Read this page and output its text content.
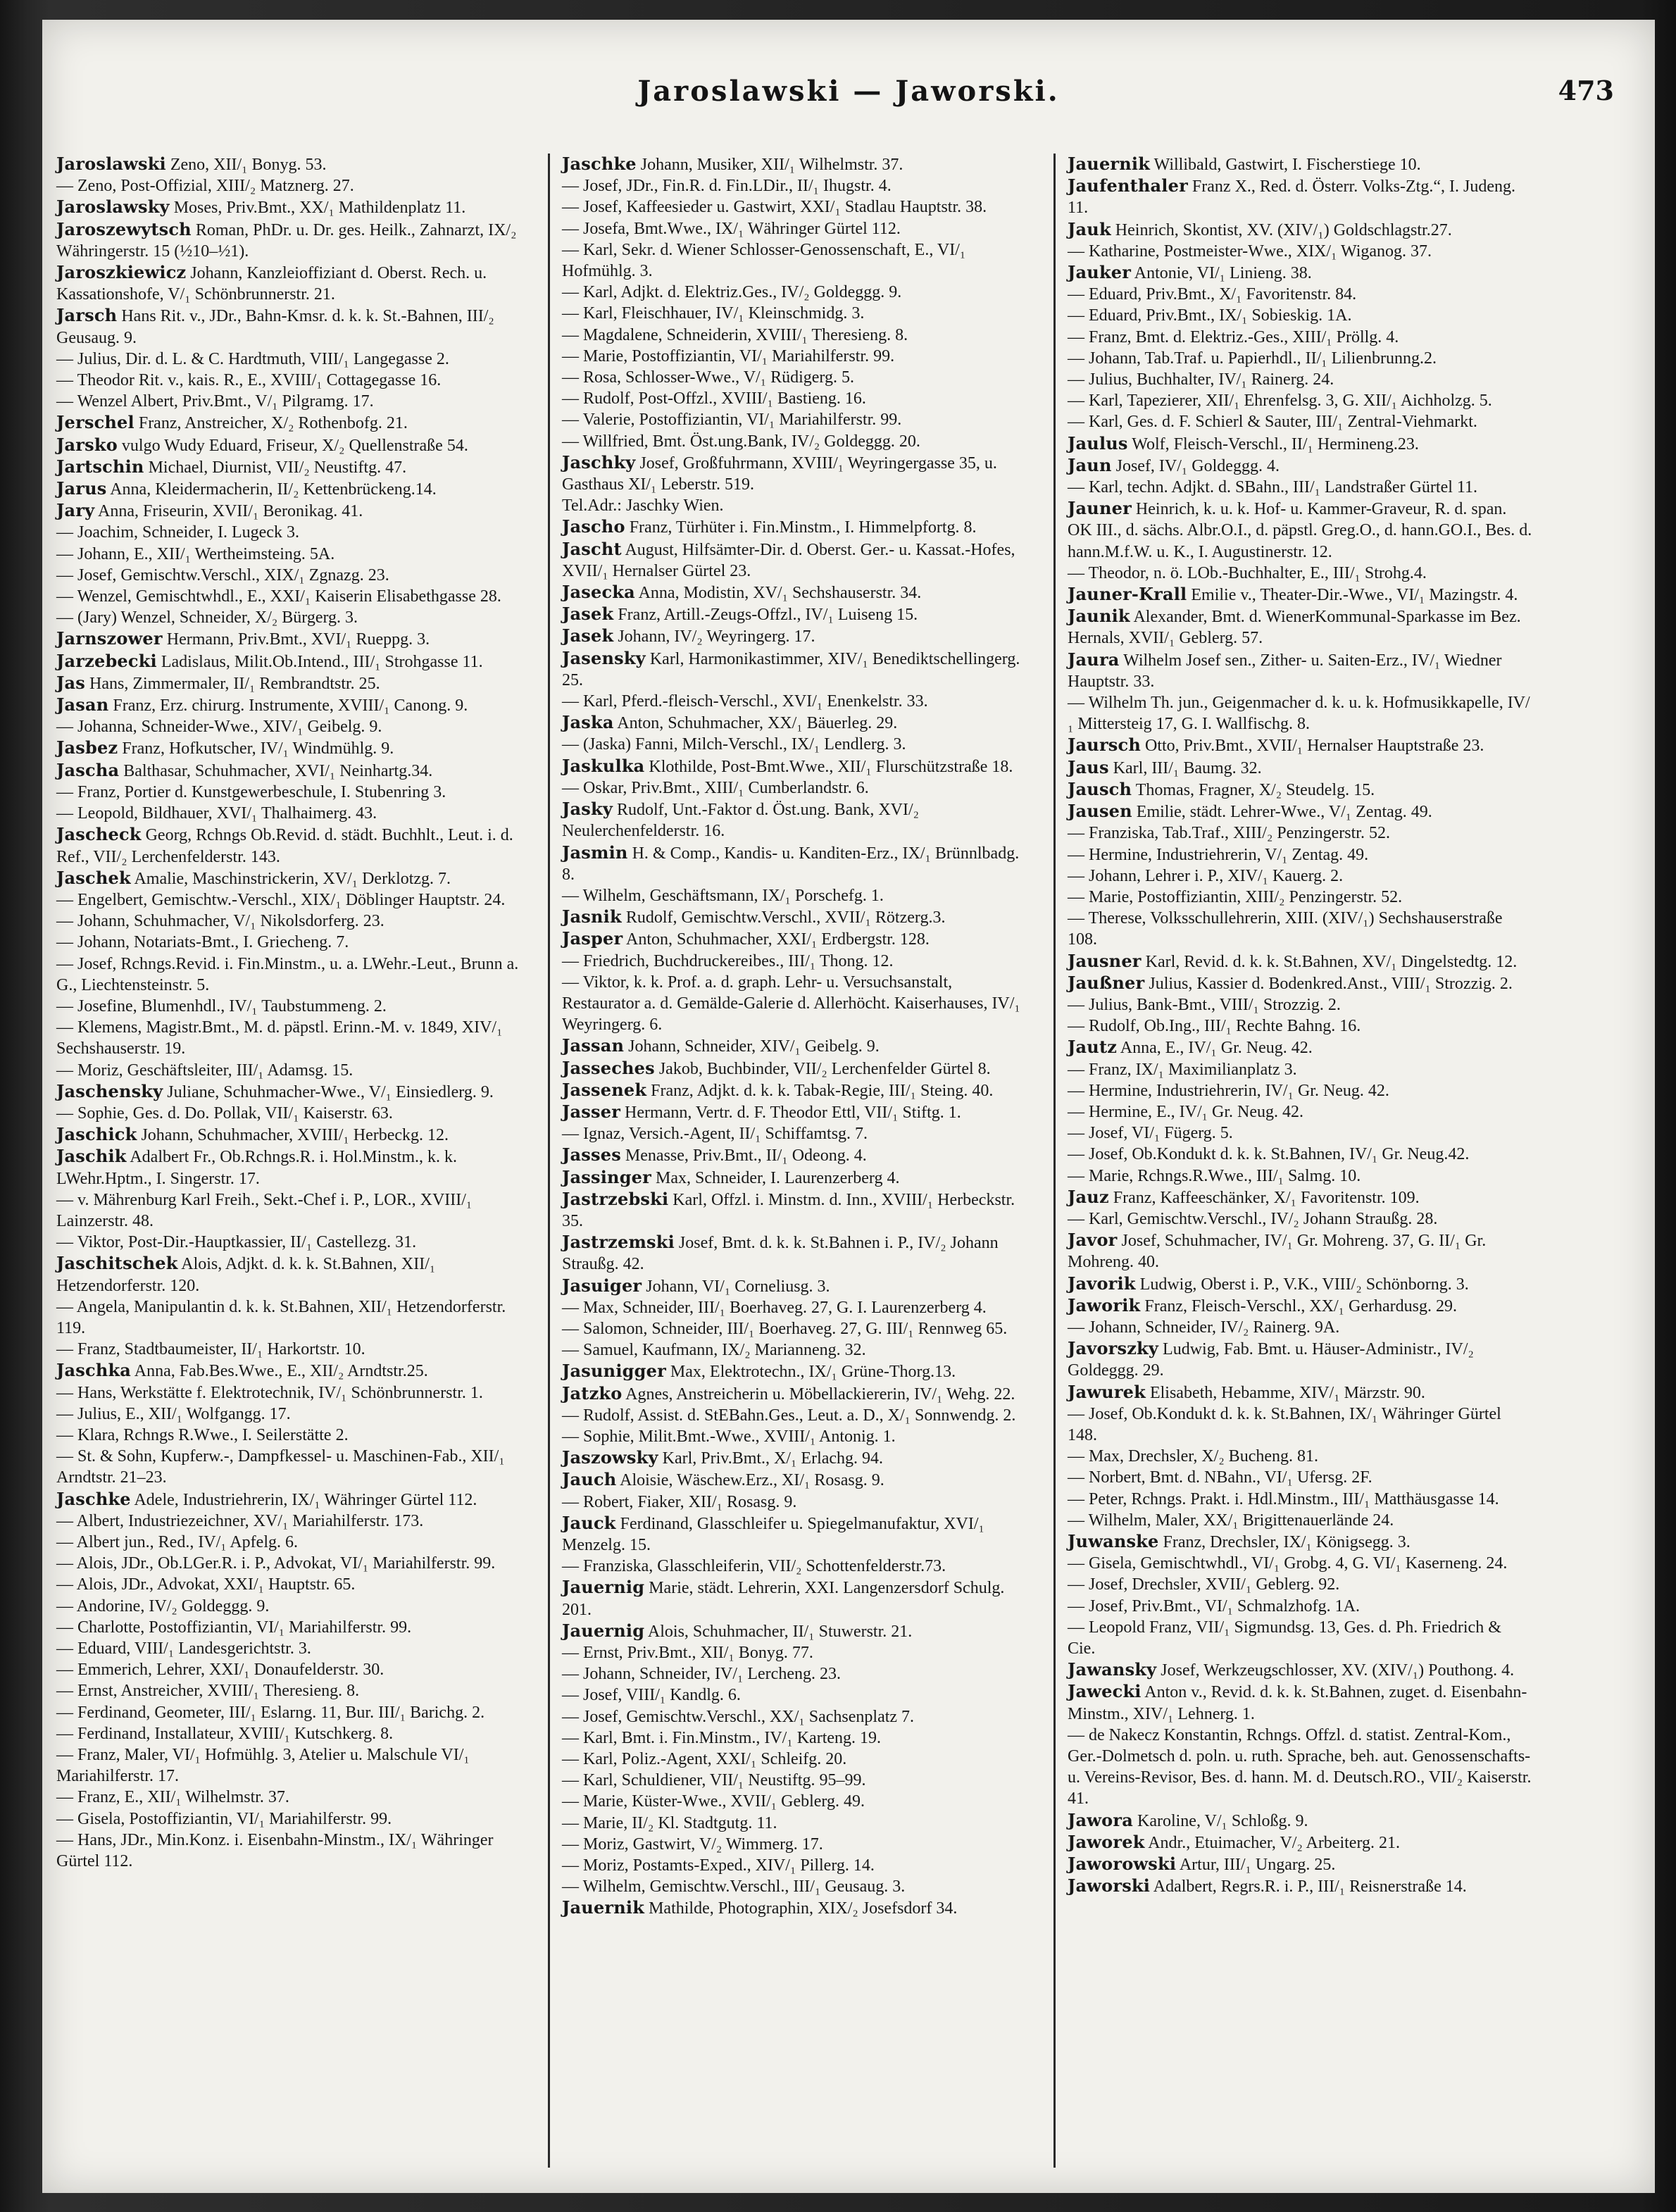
Jaroslawski — Jaworski.	473
Jaroslawski Zeno, XII/₁ Bonyg. 53.
— Zeno, Post-Offizial, XIII/₂ Matznerg. 27.
Jaroslawsky Moses, Priv.Bmt., XX/₁ Mathildenplatz 11.
Jaroszewytsch Roman, PhDr. u. Dr. ges. Heilk., Zahnarzt, IX/₂ Währingerstr. 15 (½10–½1).
Jaroszkiewicz Johann, Kanzleioffiziant d. Oberst. Rech. u. Kassationshofe, V/₁ Schönbrunnerstr. 21.
Jarsch Hans Rit. v., JDr., Bahn-Kmsr. d. k. k. St.-Bahnen, III/₂ Geusaug. 9.
— Julius, Dir. d. L. & C. Hardtmuth, VIII/₁ Langegasse 2.
— Theodor Rit. v., kais. R., E., XVIII/₁ Cottagegasse 16.
— Wenzel Albert, Priv.Bmt., V/₁ Pilgramg. 17.
Jerschel Franz, Anstreicher, X/₂ Rothenbofg. 21.
Jarsko vulgo Wudy Eduard, Friseur, X/₂ Quellenstraße 54.
Jartschin Michael, Diurnist, VII/₂ Neustiftg. 47.
Jarus Anna, Kleidermacherin, II/₂ Kettenbrückeng.14.
Jary Anna, Friseurin, XVII/₁ Beronikag. 41.
— Joachim, Schneider, I. Lugeck 3.
— Johann, E., XII/₁ Wertheimsteing. 5A.
— Josef, Gemischtw.Verschl., XIX/₁ Zgnazg. 23.
— Wenzel, Gemischtwhdl., E., XXI/₁ Kaiserin Elisabethgasse 28.
— (Jary) Wenzel, Schneider, X/₂ Bürgerg. 3.
Jarnszower Hermann, Priv.Bmt., XVI/₁ Rueppg. 3.
Jarzebecki Ladislaus, Milit.Ob.Intend., III/₁ Strohgasse 11.
Jas Hans, Zimmermaler, II/₁ Rembrandtstr. 25.
Jasan Franz, Erz. chirurg. Instrumente, XVIII/₁ Canong. 9.
— Johanna, Schneider-Wwe., XIV/₁ Geibelg. 9.
Jasbez Franz, Hofkutscher, IV/₁ Windmühlg. 9.
Jascha Balthasar, Schuhmacher, XVI/₁ Neinhartg.34.
— Franz, Portier d. Kunstgewerbeschule, I. Stubenring 3.
— Leopold, Bildhauer, XVI/₁ Thalhaimerg. 43.
Jascheck Georg, Rchngs Ob.Revid. d. städt. Buchhlt., Leut. i. d. Ref., VII/₂ Lerchenfelderstr. 143.
Jaschek Amalie, Maschinstrickerin, XV/₁ Derklotzg. 7.
— Engelbert, Gemischtw.-Verschl., XIX/₁ Döblinger Hauptstr. 24.
— Johann, Schuhmacher, V/₁ Nikolsdorferg. 23.
— Johann, Notariats-Bmt., I. Griecheng. 7.
— Josef, Rchngs.Revid. i. Fin.Minstm., u. a. LWehr.-Leut., Brunn a. G., Liechtensteinstr. 5.
— Josefine, Blumenhdl., IV/₁ Taubstummeng. 2.
— Klemens, Magistr.Bmt., M. d. päpstl. Erinn.-M. v. 1849, XIV/₁ Sechshauserstr. 19.
— Moriz, Geschäftsleiter, III/₁ Adamsg. 15.
Jaschensky Juliane, Schuhmacher-Wwe., V/₁ Einsiedlerg. 9.
— Sophie, Ges. d. Do. Pollak, VII/₁ Kaiserstr. 63.
Jaschick Johann, Schuhmacher, XVIII/₁ Herbeckg. 12.
Jaschik Adalbert Fr., Ob.Rchngs.R. i. Hol.Minstm., k. k. LWehr.Hptm., I. Singerstr. 17.
— v. Mährenburg Karl Freih., Sekt.-Chef i. P., LOR., XVIII/₁ Lainzerstr. 48.
— Viktor, Post-Dir.-Hauptkassier, II/₁ Castellezg. 31.
Jaschitschek Alois, Adjkt. d. k. k. St.Bahnen, XII/₁ Hetzendorferstr. 120.
— Angela, Manipulantin d. k. k. St.Bahnen, XII/₁ Hetzendorferstr. 119.
— Franz, Stadtbaumeister, II/₁ Harkortstr. 10.
Jaschka Anna, Fab.Bes.Wwe., E., XII/₂ Arndtstr.25.
— Hans, Werkstätte f. Elektrotechnik, IV/₁ Schönbrunnerstr. 1.
— Julius, E., XII/₁ Wolfgangg. 17.
— Klara, Rchngs R.Wwe., I. Seilerstätte 2.
— St. & Sohn, Kupferw.-, Dampfkessel- u. Maschinen-Fab., XII/₁ Arndtstr. 21–23.
Jaschke Adele, Industriehrerin, IX/₁ Währinger Gürtel 112.
— Albert, Industriezeichner, XV/₁ Mariahilferstr. 173.
— Albert jun., Red., IV/₁ Apfelg. 6.
— Alois, JDr., Ob.LGer.R. i. P., Advokat, VI/₁ Mariahilferstr. 99.
— Alois, JDr., Advokat, XXI/₁ Hauptstr. 65.
— Andorine, IV/₂ Goldeggg. 9.
— Charlotte, Postoffiziantin, VI/₁ Mariahilferstr. 99.
— Eduard, VIII/₁ Landesgerichtstr. 3.
— Emmerich, Lehrer, XXI/₁ Donaufelderstr. 30.
— Ernst, Anstreicher, XVIII/₁ Theresieng. 8.
— Ferdinand, Geometer, III/₁ Eslarng. 11, Bur. III/₁ Barichg. 2.
— Ferdinand, Installateur, XVIII/₁ Kutschkerg. 8.
— Franz, Maler, VI/₁ Hofmühlg. 3, Atelier u. Malschule VI/₁ Mariahilferstr. 17.
— Franz, E., XII/₁ Wilhelmstr. 37.
— Gisela, Postoffiziantin, VI/₁ Mariahilferstr. 99.
— Hans, JDr., Min.Konz. i. Eisenbahn-Minstm., IX/₁ Währinger Gürtel 112.
Jaschke Johann, Musiker, XII/₁ Wilhelmstr. 37.
— Josef, JDr., Fin.R. d. Fin.LDir., II/₁ Ihugstr. 4.
— Josef, Kaffeesieder u. Gastwirt, XXI/₁ Stadlau Hauptstr. 38.
— Josefa, Bmt.Wwe., IX/₁ Währinger Gürtel 112.
— Karl, Sekr. d. Wiener Schlosser-Genossenschaft, E., VI/₁ Hofmühlg. 3.
— Karl, Adjkt. d. Elektriz.Ges., IV/₂ Goldeggg. 9.
— Karl, Fleischhauer, IV/₁ Kleinschmidg. 3.
— Magdalene, Schneiderin, XVIII/₁ Theresieng. 8.
— Marie, Postoffiziantin, VI/₁ Mariahilferstr. 99.
— Rosa, Schlosser-Wwe., V/₁ Rüdigerg. 5.
— Rudolf, Post-Offzl., XVIII/₁ Bastieng. 16.
— Valerie, Postoffiziantin, VI/₁ Mariahilferstr. 99.
— Willfried, Bmt. Öst.ung.Bank, IV/₂ Goldeggg. 20.
Jaschky Josef, Großfuhrmann, XVIII/₁ Weyringergasse 35, u. Gasthaus XI/₁ Leberstr. 519.
Tel.Adr.: Jaschky Wien.
Jascho Franz, Türhüter i. Fin.Minstm., I. Himmelpfortg. 8.
Jascht August, Hilfsämter-Dir. d. Oberst. Ger.- u. Kassat.-Hofes, XVII/₁ Hernalser Gürtel 23.
Jasecka Anna, Modistin, XV/₁ Sechshauserstr. 34.
Jasek Franz, Artill.-Zeugs-Offzl., IV/₁ Luiseng 15.
Jasek Johann, IV/₂ Weyringerg. 17.
Jasensky Karl, Harmonikastimmer, XIV/₁ Benediktschellingerg. 25.
— Karl, Pferd.-fleisch-Verschl., XVI/₁ Enenkelstr. 33.
Jaska Anton, Schuhmacher, XX/₁ Bäuerleg. 29.
— (Jaska) Fanni, Milch-Verschl., IX/₁ Lendlerg. 3.
Jaskulka Klothilde, Post-Bmt.Wwe., XII/₁ Flurschützstraße 18.
— Oskar, Priv.Bmt., XIII/₁ Cumberlandstr. 6.
Jasky Rudolf, Unt.-Faktor d. Öst.ung. Bank, XVI/₂ Neulerchenfelderstr. 16.
Jasmin H. & Comp., Kandis- u. Kanditen-Erz., IX/₁ Brünnlbadg. 8.
— Wilhelm, Geschäftsmann, IX/₁ Porschefg. 1.
Jasnik Rudolf, Gemischtw.Verschl., XVII/₁ Rötzerg.3.
Jasper Anton, Schuhmacher, XXI/₁ Erdbergstr. 128.
— Friedrich, Buchdruckereibes., III/₁ Thong. 12.
— Viktor, k. k. Prof. a. d. graph. Lehr- u. Versuchsanstalt, Restaurator a. d. Gemälde-Galerie d. Allerhöcht. Kaiserhauses, IV/₁ Weyringerg. 6.
Jassan Johann, Schneider, XIV/₁ Geibelg. 9.
Jasseches Jakob, Buchbinder, VII/₂ Lerchenfelder Gürtel 8.
Jassenek Franz, Adjkt. d. k. k. Tabak-Regie, III/₁ Steing. 40.
Jasser Hermann, Vertr. d. F. Theodor Ettl, VII/₁ Stiftg. 1.
— Ignaz, Versich.-Agent, II/₁ Schiffamtsg. 7.
Jasses Menasse, Priv.Bmt., II/₁ Odeong. 4.
Jassinger Max, Schneider, I. Laurenzerberg 4.
Jastrzebski Karl, Offzl. i. Minstm. d. Inn., XVIII/₁ Herbeckstr. 35.
Jastrzemski Josef, Bmt. d. k. k. St.Bahnen i. P., IV/₂ Johann Straußg. 42.
Jasuiger Johann, VI/₁ Corneliusg. 3.
— Max, Schneider, III/₁ Boerhaveg. 27, G. I. Laurenzerberg 4.
— Salomon, Schneider, III/₁ Boerhaveg. 27, G. III/₁ Rennweg 65.
— Samuel, Kaufmann, IX/₂ Marianneng. 32.
Jasunigger Max, Elektrotechn., IX/₁ Grüne-Thorg.13.
Jatzko Agnes, Anstreicherin u. Möbellackiererin, IV/₁ Wehg. 22.
— Rudolf, Assist. d. StEBahn.Ges., Leut. a. D., X/₁ Sonnwendg. 2.
— Sophie, Milit.Bmt.-Wwe., XVIII/₁ Antonig. 1.
Jaszowsky Karl, Priv.Bmt., X/₁ Erlachg. 94.
Jauch Aloisie, Wäschew.Erz., XI/₁ Rosasg. 9.
— Robert, Fiaker, XII/₁ Rosasg. 9.
Jauck Ferdinand, Glasschleifer u. Spiegelmanufaktur, XVI/₁ Menzelg. 15.
— Franziska, Glasschleiferin, VII/₂ Schottenfelderstr.73.
Jauernig Marie, städt. Lehrerin, XXI. Langenzersdorf Schulg. 201.
Jauernig Alois, Schuhmacher, II/₁ Stuwerstr. 21.
— Ernst, Priv.Bmt., XII/₁ Bonyg. 77.
— Johann, Schneider, IV/₁ Lercheng. 23.
— Josef, VIII/₁ Kandlg. 6.
— Josef, Gemischtw.Verschl., XX/₁ Sachsenplatz 7.
— Karl, Bmt. i. Fin.Minstm., IV/₁ Karteng. 19.
— Karl, Poliz.-Agent, XXI/₁ Schleifg. 20.
— Karl, Schuldiener, VII/₁ Neustiftg. 95–99.
— Marie, Küster-Wwe., XVII/₁ Geblerg. 49.
— Marie, II/₂ Kl. Stadtgutg. 11.
— Moriz, Gastwirt, V/₂ Wimmerg. 17.
— Moriz, Postamts-Exped., XIV/₁ Pillerg. 14.
— Wilhelm, Gemischtw.Verschl., III/₁ Geusaug. 3.
Jauernik Mathilde, Photographin, XIX/₂ Josefsdorf 34.
Jauernik Willibald, Gastwirt, I. Fischerstiege 10.
Jaufenthaler Franz X., Red. d. Österr. Volks-Ztg.“, I. Judeng. 11.
Jauk Heinrich, Skontist, XV. (XIV/₁) Goldschlagstr.27.
— Katharine, Postmeister-Wwe., XIX/₁ Wiganog. 37.
Jauker Antonie, VI/₁ Linieng. 38.
— Eduard, Priv.Bmt., X/₁ Favoritenstr. 84.
— Eduard, Priv.Bmt., IX/₁ Sobieskig. 1A.
— Franz, Bmt. d. Elektriz.-Ges., XIII/₁ Pröllg. 4.
— Johann, Tab.Traf. u. Papierhdl., II/₁ Lilienbrunng.2.
— Julius, Buchhalter, IV/₁ Rainerg. 24.
— Karl, Tapezierer, XII/₁ Ehrenfelsg. 3, G. XII/₁ Aichholzg. 5.
— Karl, Ges. d. F. Schierl & Sauter, III/₁ Zentral-Viehmarkt.
Jaulus Wolf, Fleisch-Verschl., II/₁ Hermineng.23.
Jaun Josef, IV/₁ Goldeggg. 4.
— Karl, techn. Adjkt. d. SBahn., III/₁ Landstraßer Gürtel 11.
Jauner Heinrich, k. u. k. Hof- u. Kammer-Graveur, R. d. span. OK III., d. sächs. Albr.O.I., d. päpstl. Greg.O., d. hann.GO.I., Bes. d. hann.M.f.W. u. K., I. Augustinerstr. 12.
— Theodor, n. ö. LOb.-Buchhalter, E., III/₁ Strohg.4.
Jauner-Krall Emilie v., Theater-Dir.-Wwe., VI/₁ Mazingstr. 4.
Jaunik Alexander, Bmt. d. WienerKommunal-Sparkasse im Bez. Hernals, XVII/₁ Geblerg. 57.
Jaura Wilhelm Josef sen., Zither- u. Saiten-Erz., IV/₁ Wiedner Hauptstr. 33.
— Wilhelm Th. jun., Geigenmacher d. k. u. k. Hofmusikkapelle, IV/₁ Mittersteig 17, G. I. Wallfischg. 8.
Jaursch Otto, Priv.Bmt., XVII/₁ Hernalser Hauptstraße 23.
Jaus Karl, III/₁ Baumg. 32.
Jausch Thomas, Fragner, X/₂ Steudelg. 15.
Jausen Emilie, städt. Lehrer-Wwe., V/₁ Zentag. 49.
— Franziska, Tab.Traf., XIII/₂ Penzingerstr. 52.
— Hermine, Industriehrerin, V/₁ Zentag. 49.
— Johann, Lehrer i. P., XIV/₁ Kauerg. 2.
— Marie, Postoffiziantin, XIII/₂ Penzingerstr. 52.
— Therese, Volksschullehrerin, XIII. (XIV/₁) Sechshauserstraße 108.
Jausner Karl, Revid. d. k. k. St.Bahnen, XV/₁ Dingelstedtg. 12.
Jaußner Julius, Kassier d. Bodenkred.Anst., VIII/₁ Strozzig. 2.
— Julius, Bank-Bmt., VIII/₁ Strozzig. 2.
— Rudolf, Ob.Ing., III/₁ Rechte Bahng. 16.
Jautz Anna, E., IV/₁ Gr. Neug. 42.
— Franz, IX/₁ Maximilianplatz 3.
— Hermine, Industriehrerin, IV/₁ Gr. Neug. 42.
— Hermine, E., IV/₁ Gr. Neug. 42.
— Josef, VI/₁ Fügerg. 5.
— Josef, Ob.Kondukt d. k. k. St.Bahnen, IV/₁ Gr. Neug.42.
— Marie, Rchngs.R.Wwe., III/₁ Salmg. 10.
Jauz Franz, Kaffeeschänker, X/₁ Favoritenstr. 109.
— Karl, Gemischtw.Verschl., IV/₂ Johann Straußg. 28.
Javor Josef, Schuhmacher, IV/₁ Gr. Mohreng. 37, G. II/₁ Gr. Mohreng. 40.
Javorik Ludwig, Oberst i. P., V.K., VIII/₂ Schönborng. 3.
Jaworik Franz, Fleisch-Verschl., XX/₁ Gerhardusg. 29.
— Johann, Schneider, IV/₂ Rainerg. 9A.
Javorszky Ludwig, Fab. Bmt. u. Häuser-Administr., IV/₂ Goldeggg. 29.
Jawurek Elisabeth, Hebamme, XIV/₁ Märzstr. 90.
— Josef, Ob.Kondukt d. k. k. St.Bahnen, IX/₁ Währinger Gürtel 148.
— Max, Drechsler, X/₂ Bucheng. 81.
— Norbert, Bmt. d. NBahn., VI/₁ Ufersg. 2F.
— Peter, Rchngs. Prakt. i. Hdl.Minstm., III/₁ Matthäusgasse 14.
— Wilhelm, Maler, XX/₁ Brigittenauerlände 24.
Juwanske Franz, Drechsler, IX/₁ Königsegg. 3.
— Gisela, Gemischtwhdl., VI/₁ Grobg. 4, G. VI/₁ Kaserneng. 24.
— Josef, Drechsler, XVII/₁ Geblerg. 92.
— Josef, Priv.Bmt., VI/₁ Schmalzhofg. 1A.
— Leopold Franz, VII/₁ Sigmundsg. 13, Ges. d. Ph. Friedrich & Cie.
Jawansky Josef, Werkzeugschlosser, XV. (XIV/₁) Pouthong. 4.
Jawecki Anton v., Revid. d. k. k. St.Bahnen, zuget. d. Eisenbahn-Minstm., XIV/₁ Lehnerg. 1.
— de Nakecz Konstantin, Rchngs. Offzl. d. statist. Zentral-Kom., Ger.-Dolmetsch d. poln. u. ruth. Sprache, beh. aut. Genossenschafts- u. Vereins-Revisor, Bes. d. hann. M. d. Deutsch.RO., VII/₂ Kaiserstr. 41.
Jawora Karoline, V/₁ Schloßg. 9.
Jaworek Andr., Etuimacher, V/₂ Arbeiterg. 21.
Jaworowski Artur, III/₁ Ungarg. 25.
Jaworski Adalbert, Regrs.R. i. P., III/₁ Reisnerstraße 14.
